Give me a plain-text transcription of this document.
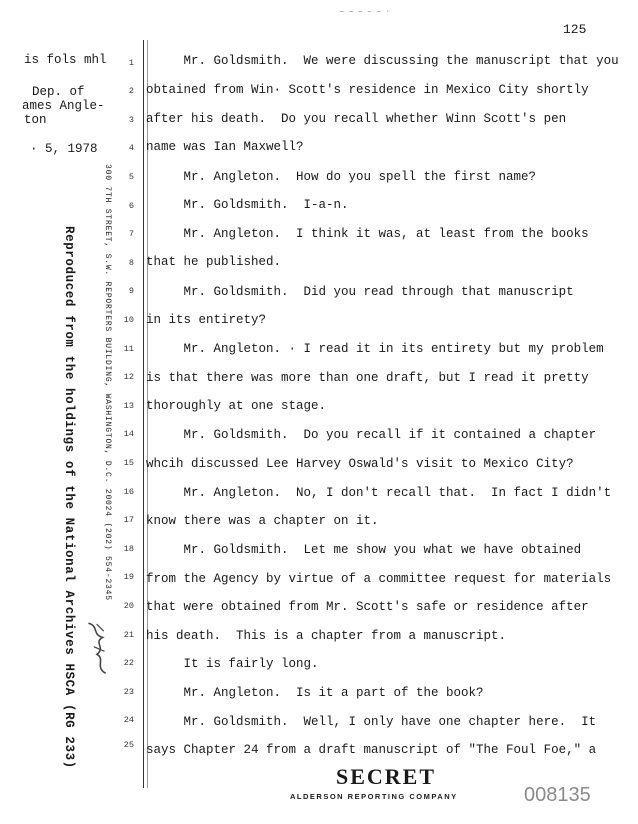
— — — — — ·
125
is fols mhl
Dep. of
ames Angle-
ton
· 5, 1978
Reproduced from the holdings of the National Archives HSCA (RG 233)	300 7TH STREET, S.W. REPORTERS BUILDING, WASHINGTON, D.C. 20024 (202) 554-2345
1
2
3
4
5
6
7
8
9
10
11
12
13
14
15
16
17
18
19
20
21
22
23
24
25
Mr. Goldsmith.  We were discussing the manuscript that you
obtained from Win· Scott's residence in Mexico City shortly
after his death.  Do you recall whether Winn Scott's pen
name was Ian Maxwell?
Mr. Angleton.  How do you spell the first name?
Mr. Goldsmith.  I-a-n.
Mr. Angleton.  I think it was, at least from the books
that he published.
Mr. Goldsmith.  Did you read through that manuscript
in its entirety?
Mr. Angleton. · I read it in its entirety but my problem
is that there was more than one draft, but I read it pretty
thoroughly at one stage.
Mr. Goldsmith.  Do you recall if it contained a chapter
whcih discussed Lee Harvey Oswald's visit to Mexico City?
Mr. Angleton.  No, I don't recall that.  In fact I didn't
know there was a chapter on it.
Mr. Goldsmith.  Let me show you what we have obtained
from the Agency by virtue of a committee request for materials
that were obtained from Mr. Scott's safe or residence after
his death.  This is a chapter from a manuscript.
It is fairly long.
Mr. Angleton.  Is it a part of the book?
Mr. Goldsmith.  Well, I only have one chapter here.  It
says Chapter 24 from a draft manuscript of "The Foul Foe," a
SECRET
ALDERSON REPORTING COMPANY	008135
